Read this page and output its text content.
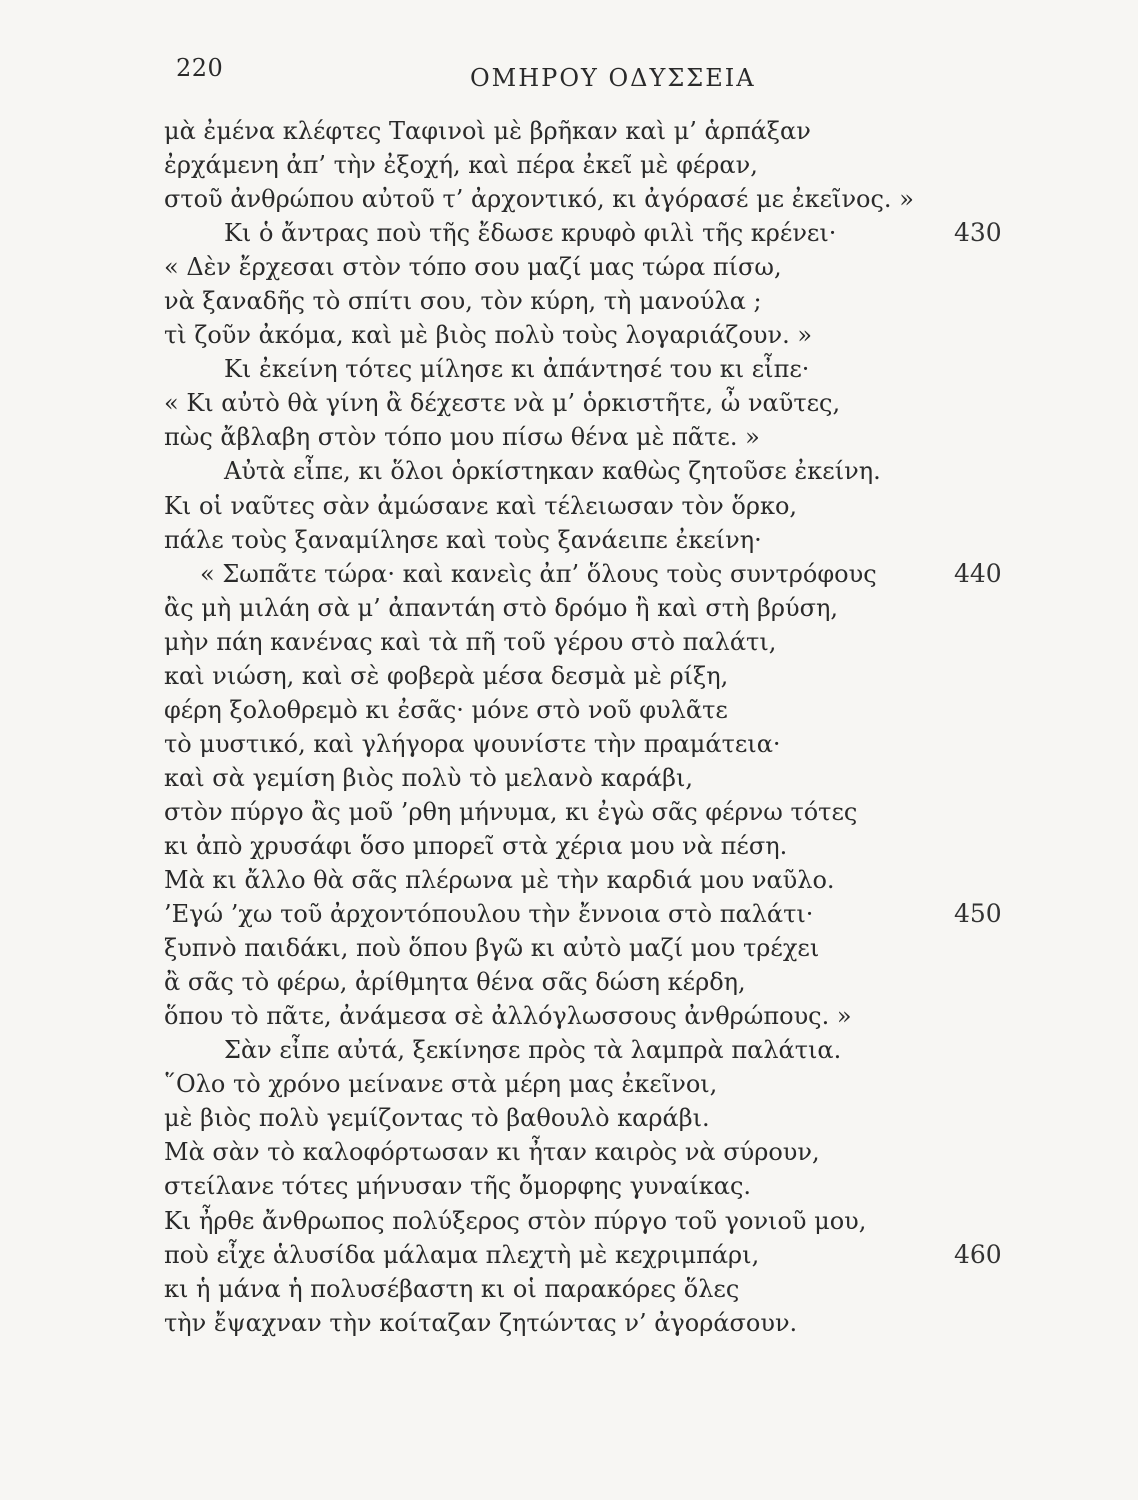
220	ΟΜΗΡΟΥ ΟΔΥΣΣΕΙΑ
μὰ ἐμένα κλέφτες Ταφινοὶ μὲ βρῆκαν καὶ μ’ ἁρπάξαν
ἐρχάμενη ἀπ’ τὴν ἐξοχή, καὶ πέρα ἐκεῖ μὲ φέραν,
στοῦ ἀνθρώπου αὐτοῦ τ’ ἀρχοντικό, κι ἀγόρασέ με ἐκεῖνος. »
Κι ὁ ἄντρας ποὺ τῆς ἔδωσε κρυφὸ φιλὶ τῆς κρένει·	430
« Δὲν ἔρχεσαι στὸν τόπο σου μαζί μας τώρα πίσω,
νὰ ξαναδῆς τὸ σπίτι σου, τὸν κύρη, τὴ μανούλα ;
τὶ ζοῦν ἀκόμα, καὶ μὲ βιὸς πολὺ τοὺς λογαριάζουν. »
Κι ἐκείνη τότες μίλησε κι ἀπάντησέ του κι εἶπε·
« Κι αὐτὸ θὰ γίνη ἂ δέχεστε νὰ μ’ ὁρκιστῆτε, ὦ ναῦτες,
πὼς ἄβλαβη στὸν τόπο μου πίσω θένα μὲ πᾶτε. »
Αὐτὰ εἶπε, κι ὅλοι ὁρκίστηκαν καθὼς ζητοῦσε ἐκείνη.
Κι οἱ ναῦτες σὰν ἀμώσανε καὶ τέλειωσαν τὸν ὅρκο,
πάλε τοὺς ξαναμίλησε καὶ τοὺς ξανάειπε ἐκείνη·
« Σωπᾶτε τώρα· καὶ κανεὶς ἀπ’ ὅλους τοὺς συντρόφους	440
ἂς μὴ μιλάη σὰ μ’ ἀπαντάη στὸ δρόμο ἢ καὶ στὴ βρύση,
μὴν πάη κανένας καὶ τὰ πῆ τοῦ γέρου στὸ παλάτι,
καὶ νιώση, καὶ σὲ φοβερὰ μέσα δεσμὰ μὲ ρίξη,
φέρη ξολοθρεμὸ κι ἐσᾶς· μόνε στὸ νοῦ φυλᾶτε
τὸ μυστικό, καὶ γλήγορα ψουνίστε τὴν πραμάτεια·
καὶ σὰ γεμίση βιὸς πολὺ τὸ μελανὸ καράβι,
στὸν πύργο ἂς μοῦ ’ρθη μήνυμα, κι ἐγὼ σᾶς φέρνω τότες
κι ἀπὸ χρυσάφι ὅσο μπορεῖ στὰ χέρια μου νὰ πέση.
Μὰ κι ἄλλο θὰ σᾶς πλέρωνα μὲ τὴν καρδιά μου ναῦλο.
’Εγώ ’χω τοῦ ἀρχοντόπουλου τὴν ἔννοια στὸ παλάτι·	450
ξυπνὸ παιδάκι, ποὺ ὅπου βγῶ κι αὐτὸ μαζί μου τρέχει
ἂ σᾶς τὸ φέρω, ἀρίθμητα θένα σᾶς δώση κέρδη,
ὅπου τὸ πᾶτε, ἀνάμεσα σὲ ἀλλόγλωσσους ἀνθρώπους. »
Σὰν εἶπε αὐτά, ξεκίνησε πρὸς τὰ λαμπρὰ παλάτια.
῞Ολο τὸ χρόνο μείνανε στὰ μέρη μας ἐκεῖνοι,
μὲ βιὸς πολὺ γεμίζοντας τὸ βαθουλὸ καράβι.
Μὰ σὰν τὸ καλοφόρτωσαν κι ἦταν καιρὸς νὰ σύρουν,
στείλανε τότες μήνυσαν τῆς ὄμορφης γυναίκας.
Κι ἦρθε ἄνθρωπος πολύξερος στὸν πύργο τοῦ γονιοῦ μου,
ποὺ εἶχε ἁλυσίδα μάλαμα πλεχτὴ μὲ κεχριμπάρι,	460
κι ἡ μάνα ἡ πολυσέβαστη κι οἱ παρακόρες ὅλες
τὴν ἔψαχναν τὴν κοίταζαν ζητώντας ν’ ἀγοράσουν.
